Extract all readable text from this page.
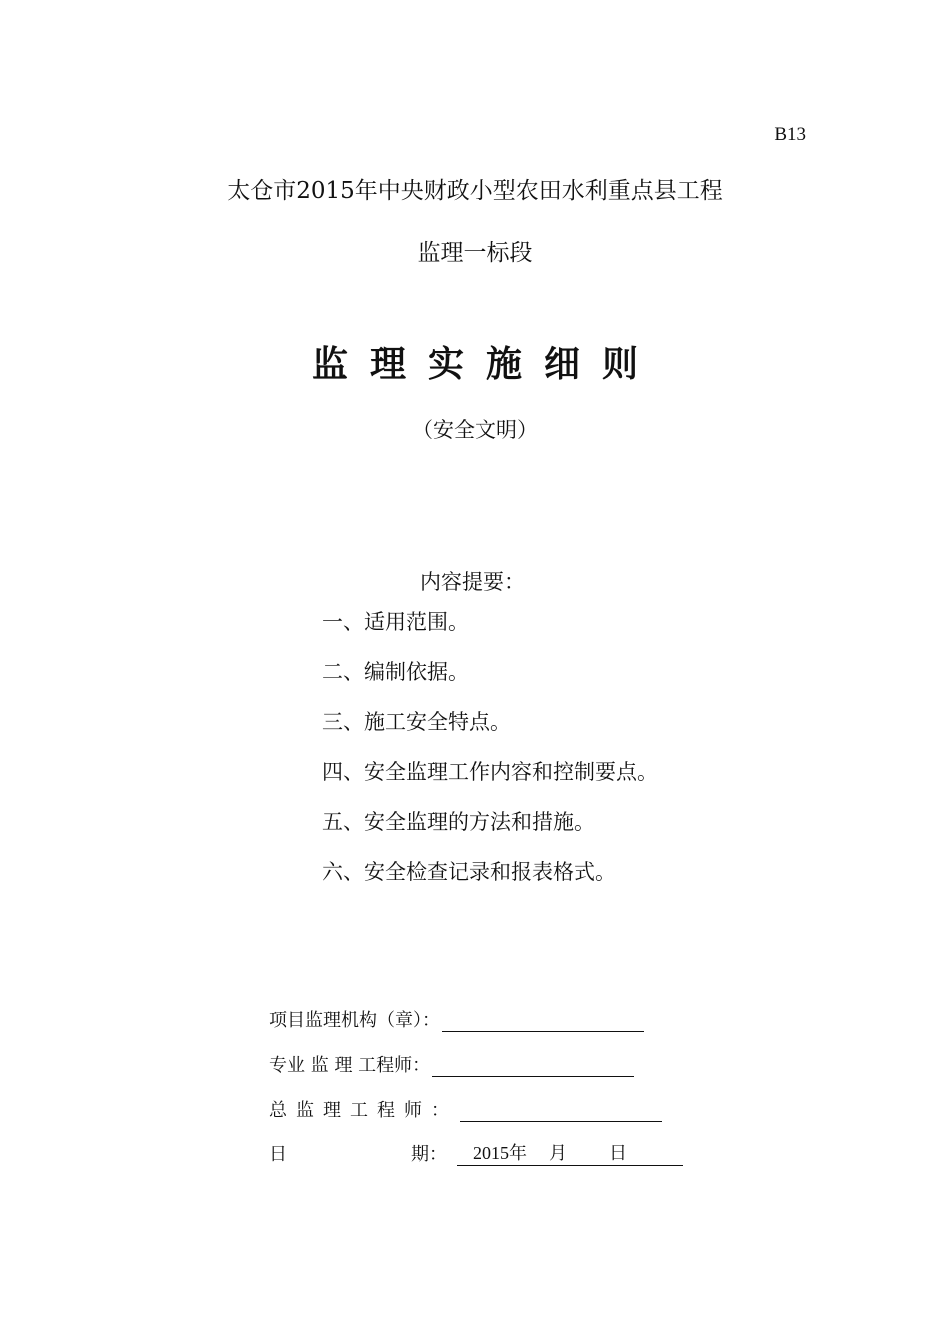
B13
太仓市2015年中央财政小型农田水利重点县工程
监理一标段
监理实施细则
（安全文明）
内容提要：
一、适用范围。
二、编制依据。
三、施工安全特点。
四、安全监理工作内容和控制要点。
五、安全监理的方法和措施。
六、安全检查记录和报表格式。
项目监理机构（章）：
专业 监 理 工程师：
总监理工程师：
日	期：	2015年 月 日
